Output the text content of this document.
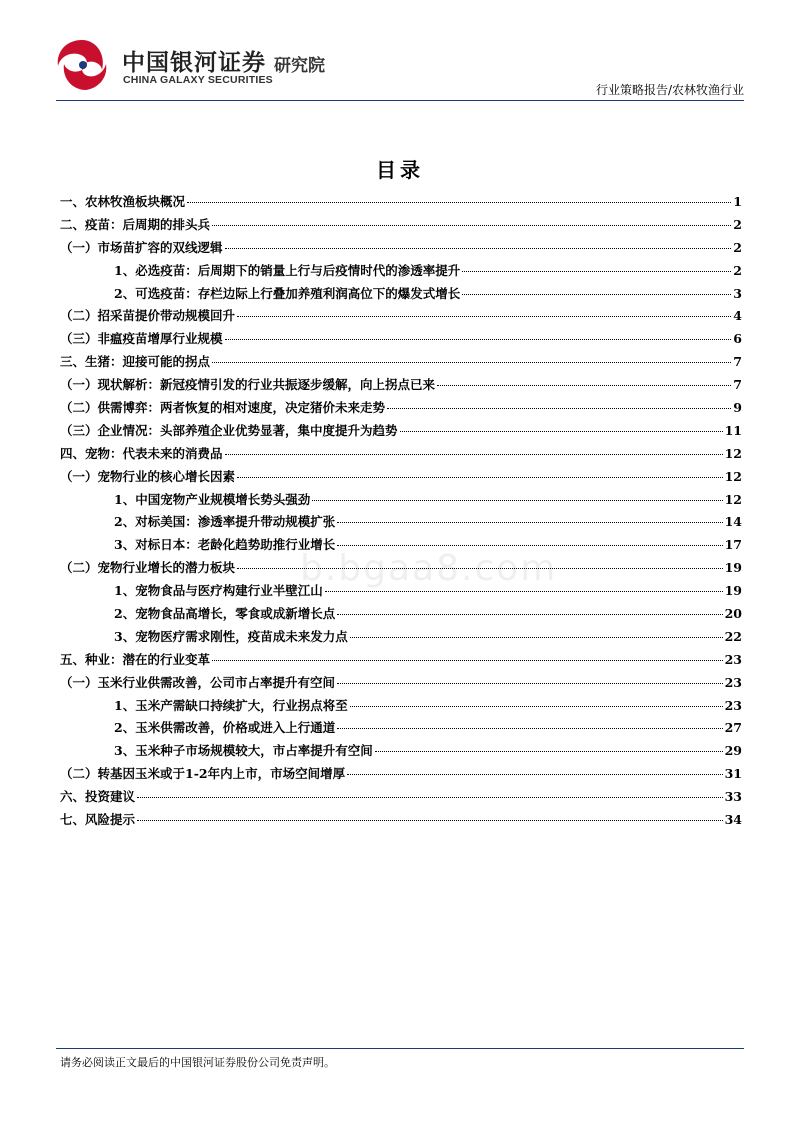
中国银河证券
CHINA GALAXY SECURITIES
研究院
行业策略报告/农林牧渔行业
目录
一、农林牧渔板块概况	1
二、疫苗：后周期的排头兵	2
（一）市场苗扩容的双线逻辑	2
1、必选疫苗：后周期下的销量上行与后疫情时代的渗透率提升	2
2、可选疫苗：存栏边际上行叠加养殖利润高位下的爆发式增长	3
（二）招采苗提价带动规模回升	4
（三）非瘟疫苗增厚行业规模	6
三、生猪：迎接可能的拐点	7
（一）现状解析：新冠疫情引发的行业共振逐步缓解，向上拐点已来	7
（二）供需博弈：两者恢复的相对速度，决定猪价未来走势	9
（三）企业情况：头部养殖企业优势显著，集中度提升为趋势	11
四、宠物：代表未来的消费品	12
（一）宠物行业的核心增长因素	12
1、中国宠物产业规模增长势头强劲	12
2、对标美国：渗透率提升带动规模扩张	14
3、对标日本：老龄化趋势助推行业增长	17
（二）宠物行业增长的潜力板块	19
1、宠物食品与医疗构建行业半壁江山	19
2、宠物食品高增长，零食或成新增长点	20
3、宠物医疗需求刚性，疫苗成未来发力点	22
五、种业：潜在的行业变革	23
（一）玉米行业供需改善，公司市占率提升有空间	23
1、玉米产需缺口持续扩大，行业拐点将至	23
2、玉米供需改善，价格或进入上行通道	27
3、玉米种子市场规模较大，市占率提升有空间	29
（二）转基因玉米或于1-2年内上市，市场空间增厚	31
六、投资建议	33
七、风险提示	34
b.bgaa8.com
请务必阅读正文最后的中国银河证券股份公司免责声明。
